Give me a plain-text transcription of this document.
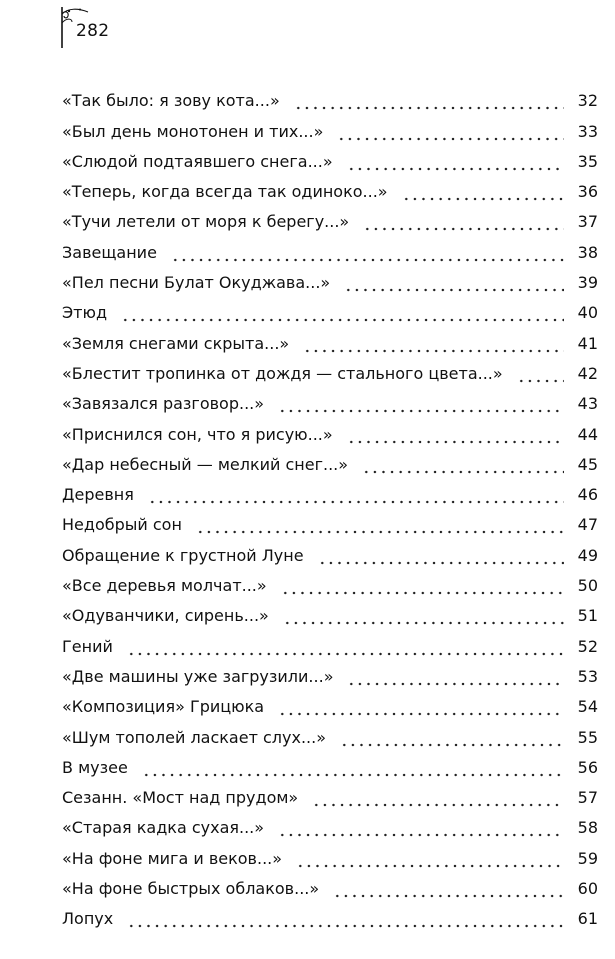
282
«Так было: я зову кота...»	32
«Был день монотонен и тих...»	33
«Слюдой подтаявшего снега...»	35
«Теперь, когда всегда так одиноко...»	36
«Тучи летели от моря к берегу...»	37
Завещание	38
«Пел песни Булат Окуджава...»	39
Этюд	40
«Земля снегами скрыта...»	41
«Блестит тропинка от дождя — стального цвета...»	42
«Завязался разговор...»	43
«Приснился сон, что я рисую...»	44
«Дар небесный — мелкий снег...»	45
Деревня	46
Недобрый сон	47
Обращение к грустной Луне	49
«Все деревья молчат...»	50
«Одуванчики, сирень...»	51
Гений	52
«Две машины уже загрузили...»	53
«Композиция» Грицюка	54
«Шум тополей ласкает слух...»	55
В музее	56
Сезанн. «Мост над прудом»	57
«Старая кадка сухая...»	58
«На фоне мига и веков...»	59
«На фоне быстрых облаков...»	60
Лопух	61
